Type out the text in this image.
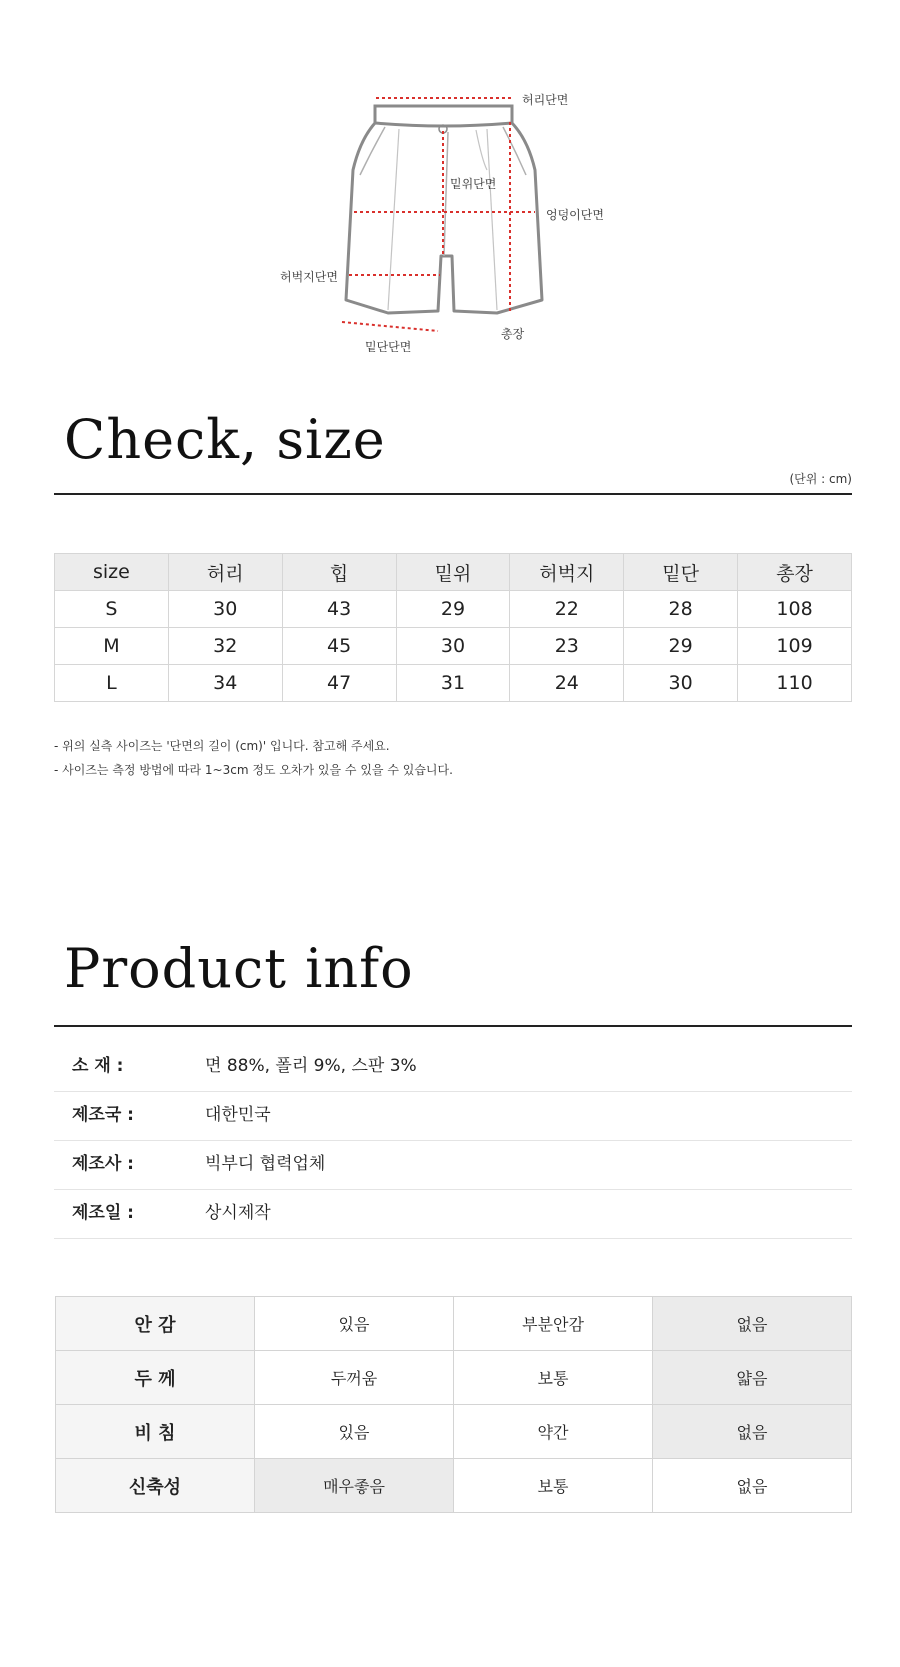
허리단면
밑위단면
엉덩이단면
허벅지단면
총장
밑단단면
Check, size
(단위 : cm)
size	허리	힙	밑위	허벅지	밑단	총장
S	30	43	29	22	28	108
M	32	45	30	23	29	109
L	34	47	31	24	30	110
- 위의 실측 사이즈는 '단면의 길이 (cm)' 입니다. 참고해 주세요.
- 사이즈는 측정 방법에 따라 1~3cm 정도 오차가 있을 수 있을 수 있습니다.
Product info
소 재 :	면 88%, 폴리 9%, 스판 3%
제조국 :	대한민국
제조사 :	빅부디 협력업체
제조일 :	상시제작
안 감	있음	부분안감	없음
두 께	두꺼움	보통	얇음
비 침	있음	약간	없음
신축성	매우좋음	보통	없음
